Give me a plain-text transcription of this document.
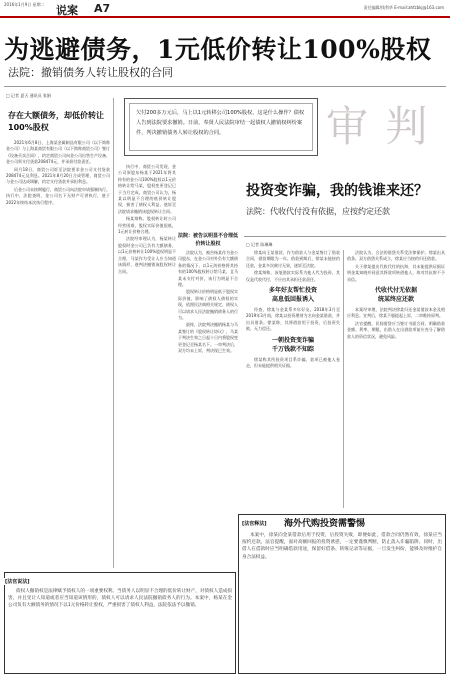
2016年1月9日 星期二 说案 A7	责任编辑/钱利华 E-mail:ahfzbkj@163.com
为逃避债务，1元低价转让100%股权
法院：撤销债务人转让股权的合同
□ 记者 夏天 通讯员 张娟
存在大额债务，却低价转让100%股权

2021年6月8日，上海某金属制品有限公司（以下简称金公司）与上海某商贸有限公司（以下简称商贸公司）签订《设备买卖合同》，约定商贸公司向金公司出售生产设备，金公司须支付货款208474元，并承担付款责任。

同月18日，商贸公司诉至法院要求金公司支付货款208474元及利息。2021年8月20日合成管理，商贸公司与金公司达成调解，约定支付货款并承担利息。

后金公司未按期履行，商贸公司向法院申请强制执行。执行中，法院查明，金公司名下无财产可供执行，遂于2022年终结本次执行程序。

欠付200多万元后，马上以1元转移公司100%股权，这是什么操作？债权人告到法院要求撤销。日前，奉贤人民法院审结一起债权人撤销权纠纷案件，判决撤销债务人转让股权的合同。	审 判

执行中，商贸公司发现，金公司原股东杨某于2021年将其持有的金公司100%股权以1元价格转让给马某，股权变更登记已于当月完成。商贸公司认为，杨某以明显不合理的低价转让股权，损害了债权人利益，遂诉至法院请求撤销该股权转让合同。

杨某辩称，股权转让时公司经营困难，股权实际价值很低，1元转让价格合理。

法院经审理认为，杨某转让股权时金公司已负有大额债务，以1元价格转让100%股权明显不合理，马某作为受让人应当知道该情形，遂判决撤销该股权转让合同。

法院：被告以明显不合理低价转让股权

法院认为，被告杨某作为金公司股东，在金公司对外负有大额债务的情况下，以1元的价格将其持有的100%股权转让给马某，且马某未支付对价，该行为明显不合理。

股权转让价格明显低于股权实际价值，影响了债权人债权的实现，依照民法典相关规定，债权人可以请求人民法院撤销债务人的行为。

最终，法院判决撤销杨某与马某签订的《股权转让协议》，马某于判决生效之日起十日内将股权变更登记至杨某名下。一审判决后，双方均未上诉，判决现已生效。

投资变诈骗，我的钱谁来还？
法院：代收代付没有依据，应按约定还款
□ 记者 陈琳琳

徐某向王某借款，作为借款人与金某签订了借款合同，借款期限为一年。借款到期后，徐某未能按约还款，金某多次催讨无果，遂诉至法院。

徐某辩称，该笔借款实际系为他人代为投资，其仅是代收代付，不应由其承担还款责任。

多年好友帮忙投资
高息低回报诱入

经查，徐某与金某系多年好友。2018年3月至2019年3月间，徐某以投资理财为名向金某借款，并出具借条。徐某称，其将借款用于投资，后投资失败，无力偿还。

一朝投资变诈骗
千万钱款不知踪

徐某称其所投资项目系诈骗，款项已被他人卷走，但未能提供相关证据。

法院认为，合法的借贷关系受法律保护。徐某出具借条，双方借贷关系成立，徐某应当按约归还借款。

关于徐某提出代收代付的抗辩，其未能提供证据证明金某知晓并同意其将款项转借他人，故对其抗辩不予采信。

代收代付无依据
统某终应还款

本案经审理，法院判决徐某归还金某借款本金及相应利息。宣判后，徐某不服提起上诉，二审维持原判。

法官提醒，民间借贷应当签订书面合同，明确借款金额、利率、期限，出借人在出借款项前应充分了解借款人的资信状况，避免风险。

[法官说法]

债权人撤销权是法律赋予债权人的一项重要权利。当债务人以明显不合理的低价转让财产，对债权人造成损害，并且受让人知道或者应当知道该情形的，债权人可以请求人民法院撤销债务人的行为。本案中，杨某在金公司负有大额债务的情况下以1元价格转让股权，严重损害了债权人利益，法院依法予以撤销。

[法官释法] 海外代购投资需警惕

本案中，徐某向金某借款后用于投资，后投资失败，即便如此，借款合同仍然有效，徐某应当按约还款。法官提醒，面对高额回报的投资诱惑，一定要谨慎判断，防止落入诈骗陷阱。同时，出借人在借款时应当明确借款用途，保留好借条、转账记录等证据，一旦发生纠纷，能够及时维护自身合法权益。
